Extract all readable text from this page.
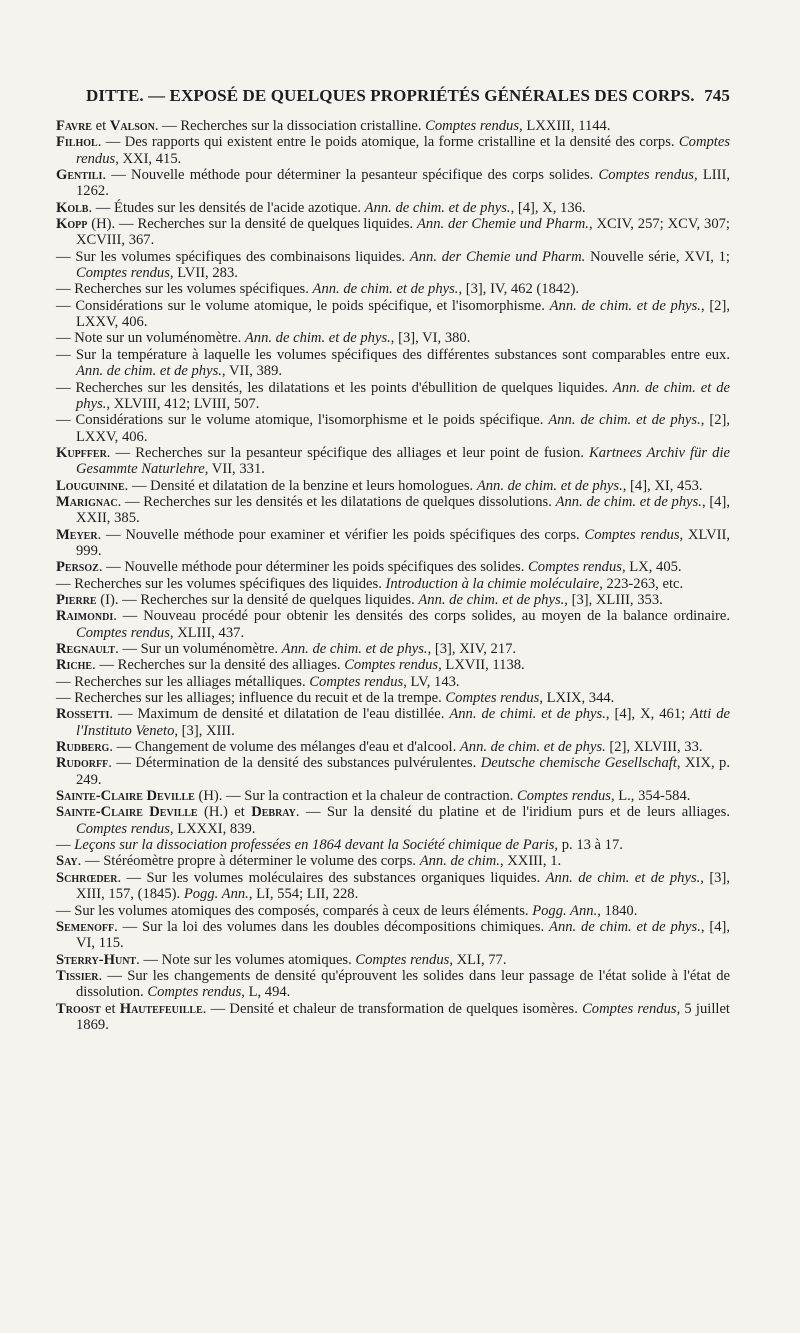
DITTE. — EXPOSÉ DE QUELQUES PROPRIÉTÉS GÉNÉRALES DES CORPS. 745

Favre et Valson. — Recherches sur la dissociation cristalline. Comptes rendus, LXXIII, 1144.

Filhol. — Des rapports qui existent entre le poids atomique, la forme cristalline et la densité des corps. Comptes rendus, XXI, 415.

Gentili. — Nouvelle méthode pour déterminer la pesanteur spécifique des corps solides. Comptes rendus, LIII, 1262.

Kolb. — Études sur les densités de l'acide azotique. Ann. de chim. et de phys., [4], X, 136.

Kopp (H). — Recherches sur la densité de quelques liquides. Ann. der Chemie und Pharm., XCIV, 257; XCV, 307; XCVIII, 367.

— Sur les volumes spécifiques des combinaisons liquides. Ann. der Chemie und Pharm. Nouvelle série, XVI, 1; Comptes rendus, LVII, 283.

— Recherches sur les volumes spécifiques. Ann. de chim. et de phys., [3], IV, 462 (1842).

— Considérations sur le volume atomique, le poids spécifique, et l'isomorphisme. Ann. de chim. et de phys., [2], LXXV, 406.

— Note sur un voluménomètre. Ann. de chim. et de phys., [3], VI, 380.

— Sur la température à laquelle les volumes spécifiques des différentes substances sont comparables entre eux. Ann. de chim. et de phys., VII, 389.

— Recherches sur les densités, les dilatations et les points d'ébullition de quelques liquides. Ann. de chim. et de phys., XLVIII, 412; LVIII, 507.

— Considérations sur le volume atomique, l'isomorphisme et le poids spécifique. Ann. de chim. et de phys., [2], LXXV, 406.

Kupffer. — Recherches sur la pesanteur spécifique des alliages et leur point de fusion. Kartnees Archiv für die Gesammte Naturlehre, VII, 331.

Louguinine. — Densité et dilatation de la benzine et leurs homologues. Ann. de chim. et de phys., [4], XI, 453.

Marignac. — Recherches sur les densités et les dilatations de quelques dissolutions. Ann. de chim. et de phys., [4], XXII, 385.

Meyer. — Nouvelle méthode pour examiner et vérifier les poids spécifiques des corps. Comptes rendus, XLVII, 999.

Persoz. — Nouvelle méthode pour déterminer les poids spécifiques des solides. Comptes rendus, LX, 405.

— Recherches sur les volumes spécifiques des liquides. Introduction à la chimie moléculaire, 223-263, etc.

Pierre (I). — Recherches sur la densité de quelques liquides. Ann. de chim. et de phys., [3], XLIII, 353.

Raimondi. — Nouveau procédé pour obtenir les densités des corps solides, au moyen de la balance ordinaire. Comptes rendus, XLIII, 437.

Regnault. — Sur un voluménomètre. Ann. de chim. et de phys., [3], XIV, 217.

Riche. — Recherches sur la densité des alliages. Comptes rendus, LXVII, 1138.

— Recherches sur les alliages métalliques. Comptes rendus, LV, 143.

— Recherches sur les alliages; influence du recuit et de la trempe. Comptes rendus, LXIX, 344.

Rossetti. — Maximum de densité et dilatation de l'eau distillée. Ann. de chimi. et de phys., [4], X, 461; Atti de l'Instituto Veneto, [3], XIII.

Rudberg. — Changement de volume des mélanges d'eau et d'alcool. Ann. de chim. et de phys. [2], XLVIII, 33.

Rudorff. — Détermination de la densité des substances pulvérulentes. Deutsche chemische Gesellschaft, XIX, p. 249.

Sainte-Claire Deville (H). — Sur la contraction et la chaleur de contraction. Comptes rendus, L., 354-584.

Sainte-Claire Deville (H.) et Debray. — Sur la densité du platine et de l'iridium purs et de leurs alliages. Comptes rendus, LXXXI, 839.

— Leçons sur la dissociation professées en 1864 devant la Société chimique de Paris, p. 13 à 17.

Say. — Stéréomètre propre à déterminer le volume des corps. Ann. de chim., XXIII, 1.

Schrœder. — Sur les volumes moléculaires des substances organiques liquides. Ann. de chim. et de phys., [3], XIII, 157, (1845). Pogg. Ann., LI, 554; LII, 228.

— Sur les volumes atomiques des composés, comparés à ceux de leurs éléments. Pogg. Ann., 1840.

Semenoff. — Sur la loi des volumes dans les doubles décompositions chimiques. Ann. de chim. et de phys., [4], VI, 115.

Sterry-Hunt. — Note sur les volumes atomiques. Comptes rendus, XLI, 77.

Tissier. — Sur les changements de densité qu'éprouvent les solides dans leur passage de l'état solide à l'état de dissolution. Comptes rendus, L, 494.

Troost et Hautefeuille. — Densité et chaleur de transformation de quelques isomères. Comptes rendus, 5 juillet 1869.
